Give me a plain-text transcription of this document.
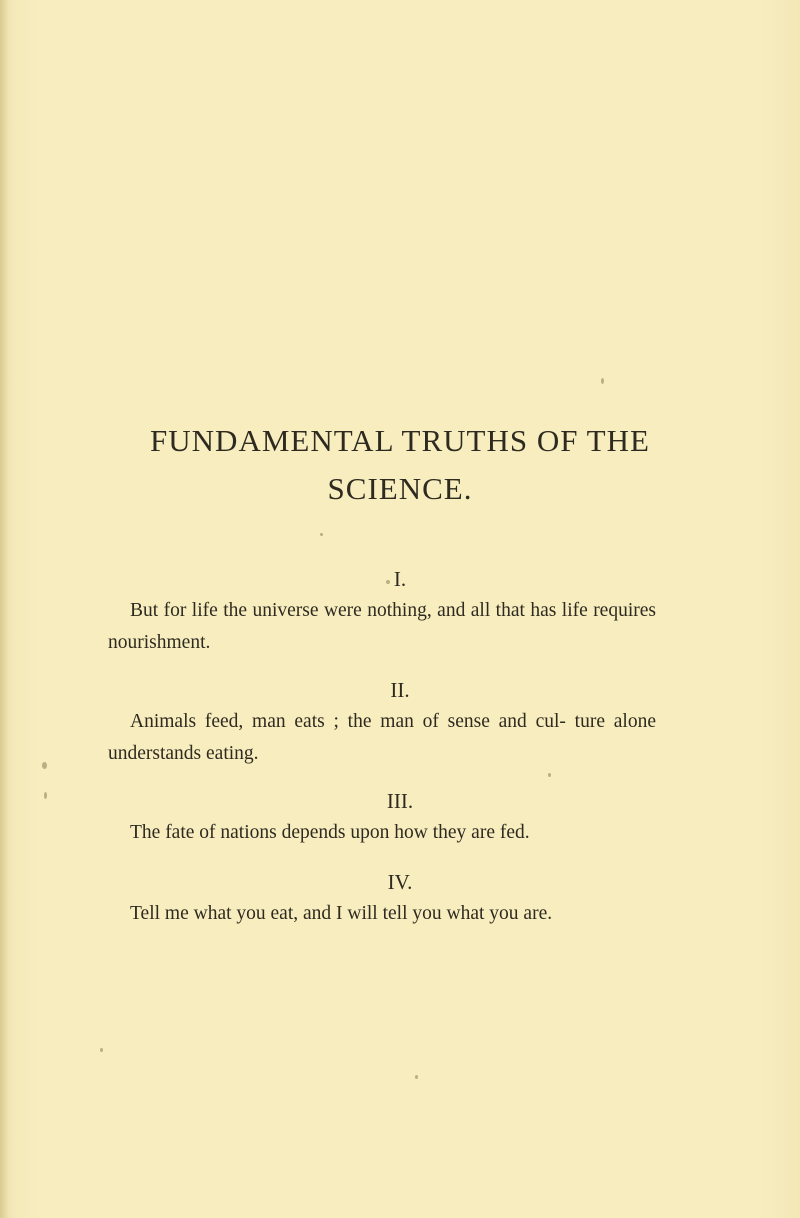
FUNDAMENTAL TRUTHS OF THE
SCIENCE.
I.

But for life the universe were nothing, and all that has life requires nourishment.

II.

Animals feed, man eats ; the man of sense and cul- ture alone understands eating.

III.

The fate of nations depends upon how they are fed.

IV.

Tell me what you eat, and I will tell you what you are.
